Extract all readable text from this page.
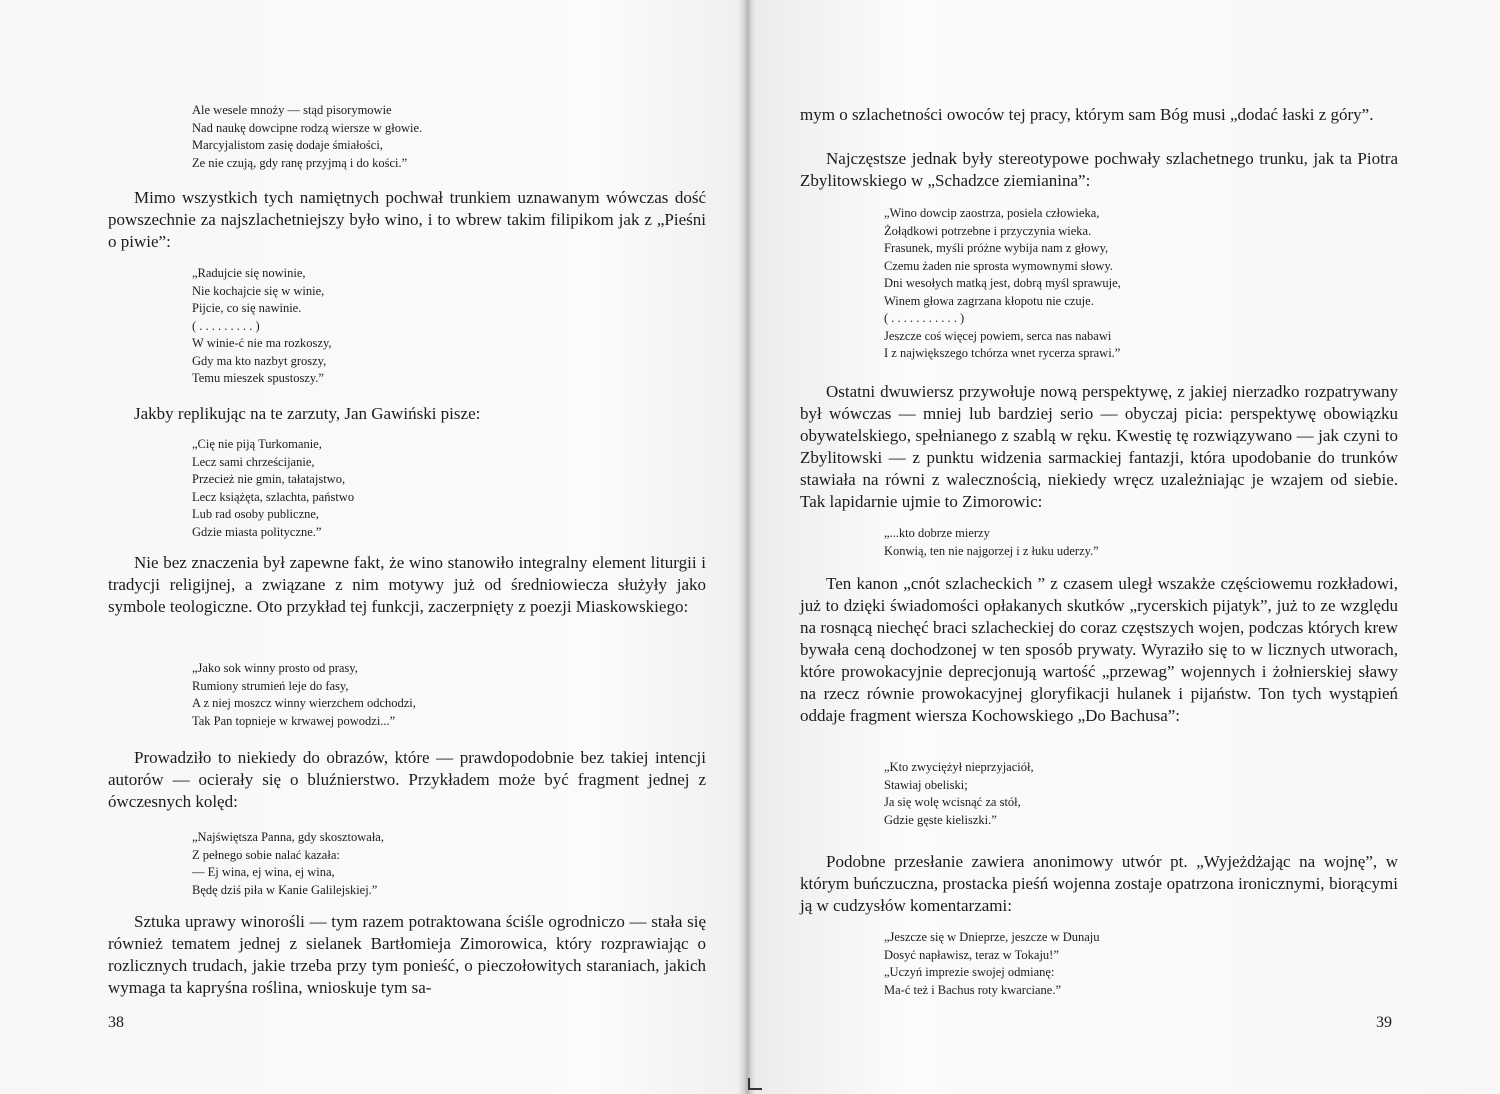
Ale wesele mnoży — stąd pisorymowie
Nad naukę dowcipne rodzą wiersze w głowie.
Marcyjalistom zasię dodaje śmiałości,
Ze nie czują, gdy ranę przyjmą i do kości.”

Mimo wszystkich tych namiętnych pochwał trunkiem uznawanym wówczas dość powszechnie za najszlachetniejszy było wino, i to wbrew takim filipikom jak z „Pieśni o piwie”:

„Radujcie się nowinie,
Nie kochajcie się w winie,
Pijcie, co się nawinie.
( . . . . . . . . . )
W winie-ć nie ma rozkoszy,
Gdy ma kto nazbyt groszy,
Temu mieszek spustoszy.”

Jakby replikując na te zarzuty, Jan Gawiński pisze:

„Cię nie piją Turkomanie,
Lecz sami chrześcijanie,
Przecież nie gmin, tałatajstwo,
Lecz książęta, szlachta, państwo
Lub rad osoby publiczne,
Gdzie miasta polityczne.”

Nie bez znaczenia był zapewne fakt, że wino stanowiło integralny element liturgii i tradycji religijnej, a związane z nim motywy już od średniowiecza służyły jako symbole teologiczne. Oto przykład tej funkcji, zaczerpnięty z poezji Miaskowskiego:

„Jako sok winny prosto od prasy,
Rumiony strumień leje do fasy,
A z niej moszcz winny wierzchem odchodzi,
Tak Pan topnieje w krwawej powodzi...”

Prowadziło to niekiedy do obrazów, które — prawdopodobnie bez takiej intencji autorów — ocierały się o bluźnierstwo. Przykładem może być fragment jednej z ówczesnych kolęd:

„Najświętsza Panna, gdy skosztowała,
Z pełnego sobie nalać kazała:
— Ej wina, ej wina, ej wina,
Będę dziś piła w Kanie Galilejskiej.”

Sztuka uprawy winorośli — tym razem potraktowana ściśle ogrodniczo — stała się również tematem jednej z sielanek Bartłomieja Zimorowica, który rozprawiając o rozlicznych trudach, jakie trzeba przy tym ponieść, o pieczołowitych staraniach, jakich wymaga ta kapryśna roślina, wnioskuje tym sa-

38

mym o szlachetności owoców tej pracy, którym sam Bóg musi „dodać łaski z góry”.

Najczęstsze jednak były stereotypowe pochwały szlachetnego trunku, jak ta Piotra Zbylitowskiego w „Schadzce ziemianina”:

„Wino dowcip zaostrza, posiela człowieka,
Żołądkowi potrzebne i przyczynia wieka.
Frasunek, myśli próżne wybija nam z głowy,
Czemu żaden nie sprosta wymownymi słowy.
Dni wesołych matką jest, dobrą myśl sprawuje,
Winem głowa zagrzana kłopotu nie czuje.
( . . . . . . . . . . . )
Jeszcze coś więcej powiem, serca nas nabawi
I z największego tchórza wnet rycerza sprawi.”

Ostatni dwuwiersz przywołuje nową perspektywę, z jakiej nierzadko rozpatrywany był wówczas — mniej lub bardziej serio — obyczaj picia: perspektywę obowiązku obywatelskiego, spełnianego z szablą w ręku. Kwestię tę rozwiązywano — jak czyni to Zbylitowski — z punktu widzenia sarmackiej fantazji, która upodobanie do trunków stawiała na równi z walecznością, niekiedy wręcz uzależniając je wzajem od siebie. Tak lapidarnie ujmie to Zimorowic:

„...kto dobrze mierzy
Konwią, ten nie najgorzej i z łuku uderzy.”

Ten kanon „cnót szlacheckich ” z czasem uległ wszakże częściowemu rozkładowi, już to dzięki świadomości opłakanych skutków „rycerskich pijatyk”, już to ze względu na rosnącą niechęć braci szlacheckiej do coraz częstszych wojen, podczas których krew bywała ceną dochodzonej w ten sposób prywaty. Wyraziło się to w licznych utworach, które prowokacyjnie deprecjonują wartość „przewag” wojennych i żołnierskiej sławy na rzecz równie prowokacyjnej gloryfikacji hulanek i pijaństw. Ton tych wystąpień oddaje fragment wiersza Kochowskiego „Do Bachusa”:

„Kto zwyciężył nieprzyjaciół,
Stawiaj obeliski;
Ja się wolę wcisnąć za stół,
Gdzie gęste kieliszki.”

Podobne przesłanie zawiera anonimowy utwór pt. „Wyjeżdżając na wojnę”, w którym buńczuczna, prostacka pieśń wojenna zostaje opatrzona ironicznymi, biorącymi ją w cudzysłów komentarzami:

„Jeszcze się w Dnieprze, jeszcze w Dunaju
Dosyć napławisz, teraz w Tokaju!”
„Uczyń imprezie swojej odmianę:
Ma-ć też i Bachus roty kwarciane.”
39
